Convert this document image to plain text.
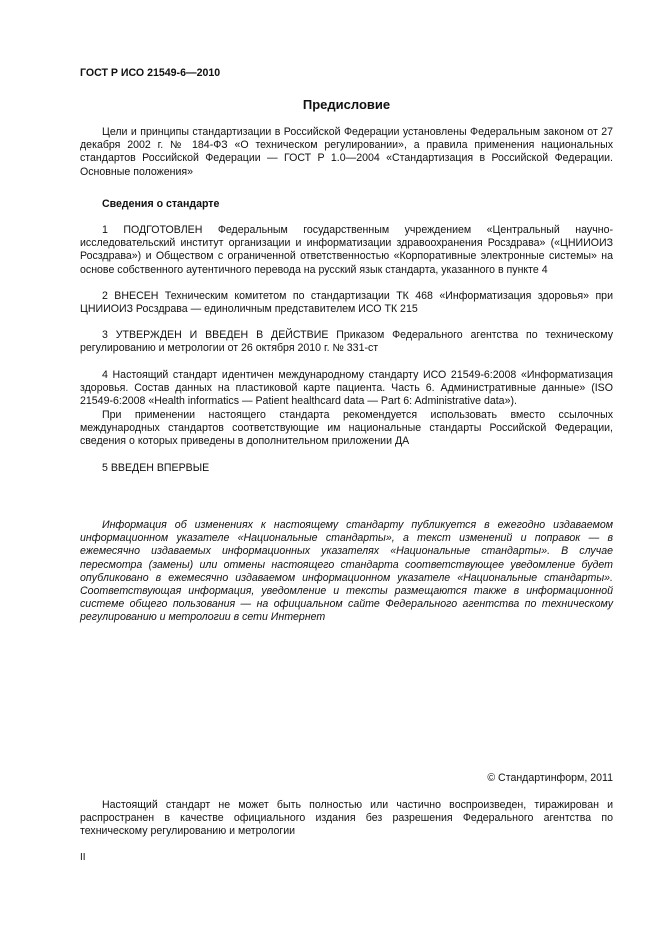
ГОСТ Р ИСО 21549-6—2010
Предисловие
Цели и принципы стандартизации в Российской Федерации установлены Федеральным законом от 27 декабря 2002 г. № 184-ФЗ «О техническом регулировании», а правила применения национальных стандартов Российской Федерации — ГОСТ Р 1.0—2004 «Стандартизация в Российской Федерации. Основные положения»
Сведения о стандарте
1 ПОДГОТОВЛЕН Федеральным государственным учреждением «Центральный научно-исследовательский институт организации и информатизации здравоохранения Росздрава» («ЦНИИОИЗ Росздрава») и Обществом с ограниченной ответственностью «Корпоративные электронные системы» на основе собственного аутентичного перевода на русский язык стандарта, указанного в пункте 4
2 ВНЕСЕН Техническим комитетом по стандартизации ТК 468 «Информатизация здоровья» при ЦНИИОИЗ Росздрава — единоличным представителем ИСО ТК 215
3 УТВЕРЖДЕН И ВВЕДЕН В ДЕЙСТВИЕ Приказом Федерального агентства по техническому регулированию и метрологии от 26 октября 2010 г. № 331-ст
4 Настоящий стандарт идентичен международному стандарту ИСО 21549-6:2008 «Информатизация здоровья. Состав данных на пластиковой карте пациента. Часть 6. Административные данные» (ISO 21549-6:2008 «Health informatics — Patient healthcard data — Part 6: Administrative data»).
При применении настоящего стандарта рекомендуется использовать вместо ссылочных международных стандартов соответствующие им национальные стандарты Российской Федерации, сведения о которых приведены в дополнительном приложении ДА
5 ВВЕДЕН ВПЕРВЫЕ
Информация об изменениях к настоящему стандарту публикуется в ежегодно издаваемом информационном указателе «Национальные стандарты», а текст изменений и поправок — в ежемесячно издаваемых информационных указателях «Национальные стандарты». В случае пересмотра (замены) или отмены настоящего стандарта соответствующее уведомление будет опубликовано в ежемесячно издаваемом информационном указателе «Национальные стандарты». Соответствующая информация, уведомление и тексты размещаются также в информационной системе общего пользования — на официальном сайте Федерального агентства по техническому регулированию и метрологии в сети Интернет
© Стандартинформ, 2011
Настоящий стандарт не может быть полностью или частично воспроизведен, тиражирован и распространен в качестве официального издания без разрешения Федерального агентства по техническому регулированию и метрологии
II
